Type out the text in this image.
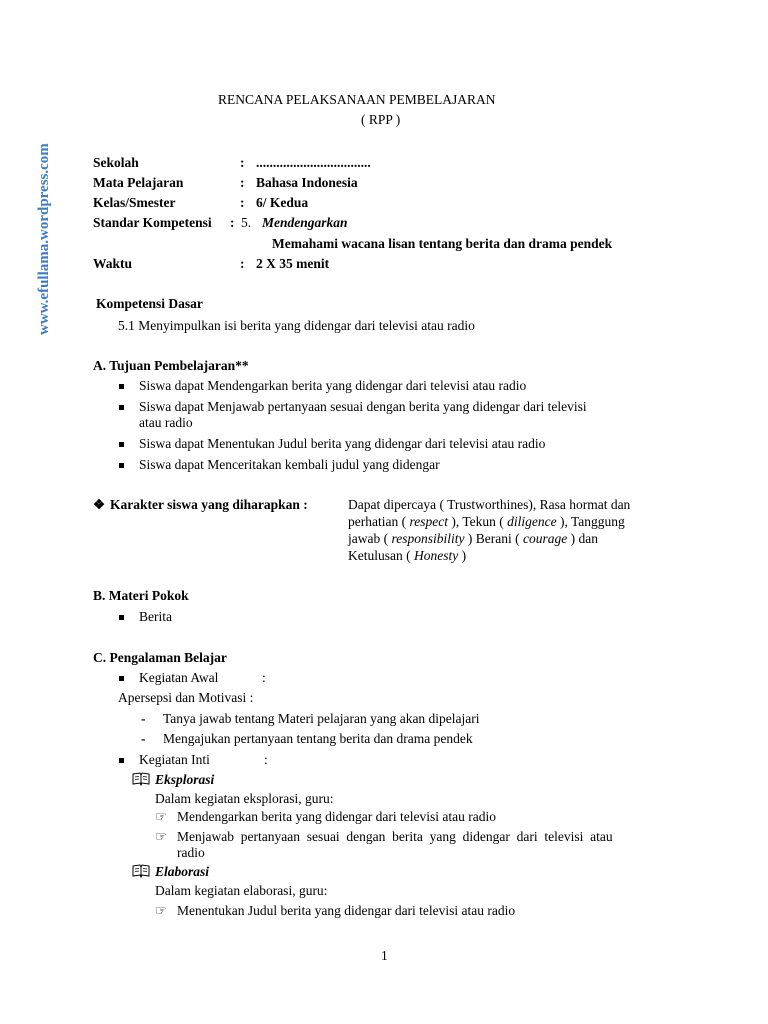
www.efullama.wordpress.com
RENCANA PELAKSANAAN PEMBELAJARAN
( RPP )
Sekolah	: ..................................
Mata Pelajaran	: Bahasa Indonesia
Kelas/Smester	: 6/ Kedua
Standar Kompetensi : 5. Mendengarkan
Memahami wacana lisan tentang berita dan drama pendek
Waktu	: 2 X 35 menit
Kompetensi Dasar
5.1 Menyimpulkan isi berita yang didengar dari televisi atau radio
A. Tujuan Pembelajaran**
Siswa dapat Mendengarkan berita yang didengar dari televisi atau radio
Siswa dapat Menjawab pertanyaan sesuai dengan berita yang didengar dari televisi
atau radio
Siswa dapat Menentukan Judul berita yang didengar dari televisi atau radio
Siswa dapat Menceritakan kembali judul yang didengar
❖ Karakter siswa yang diharapkan :	Dapat dipercaya ( Trustworthines), Rasa hormat dan
perhatian ( respect ), Tekun ( diligence ), Tanggung
jawab ( responsibility ) Berani ( courage ) dan
Ketulusan ( Honesty )
B. Materi Pokok
Berita
C. Pengalaman Belajar
Kegiatan Awal	:
Apersepsi dan Motivasi :
- Tanya jawab tentang Materi pelajaran yang akan dipelajari
- Mengajukan pertanyaan tentang berita dan drama pendek
Kegiatan Inti	:
Eksplorasi
Dalam kegiatan eksplorasi, guru:
☞ Mendengarkan berita yang didengar dari televisi atau radio
☞ Menjawab  pertanyaan  sesuai  dengan  berita  yang  didengar  dari  televisi  atau
radio
Elaborasi
Dalam kegiatan elaborasi, guru:
☞ Menentukan Judul berita yang didengar dari televisi atau radio
1
